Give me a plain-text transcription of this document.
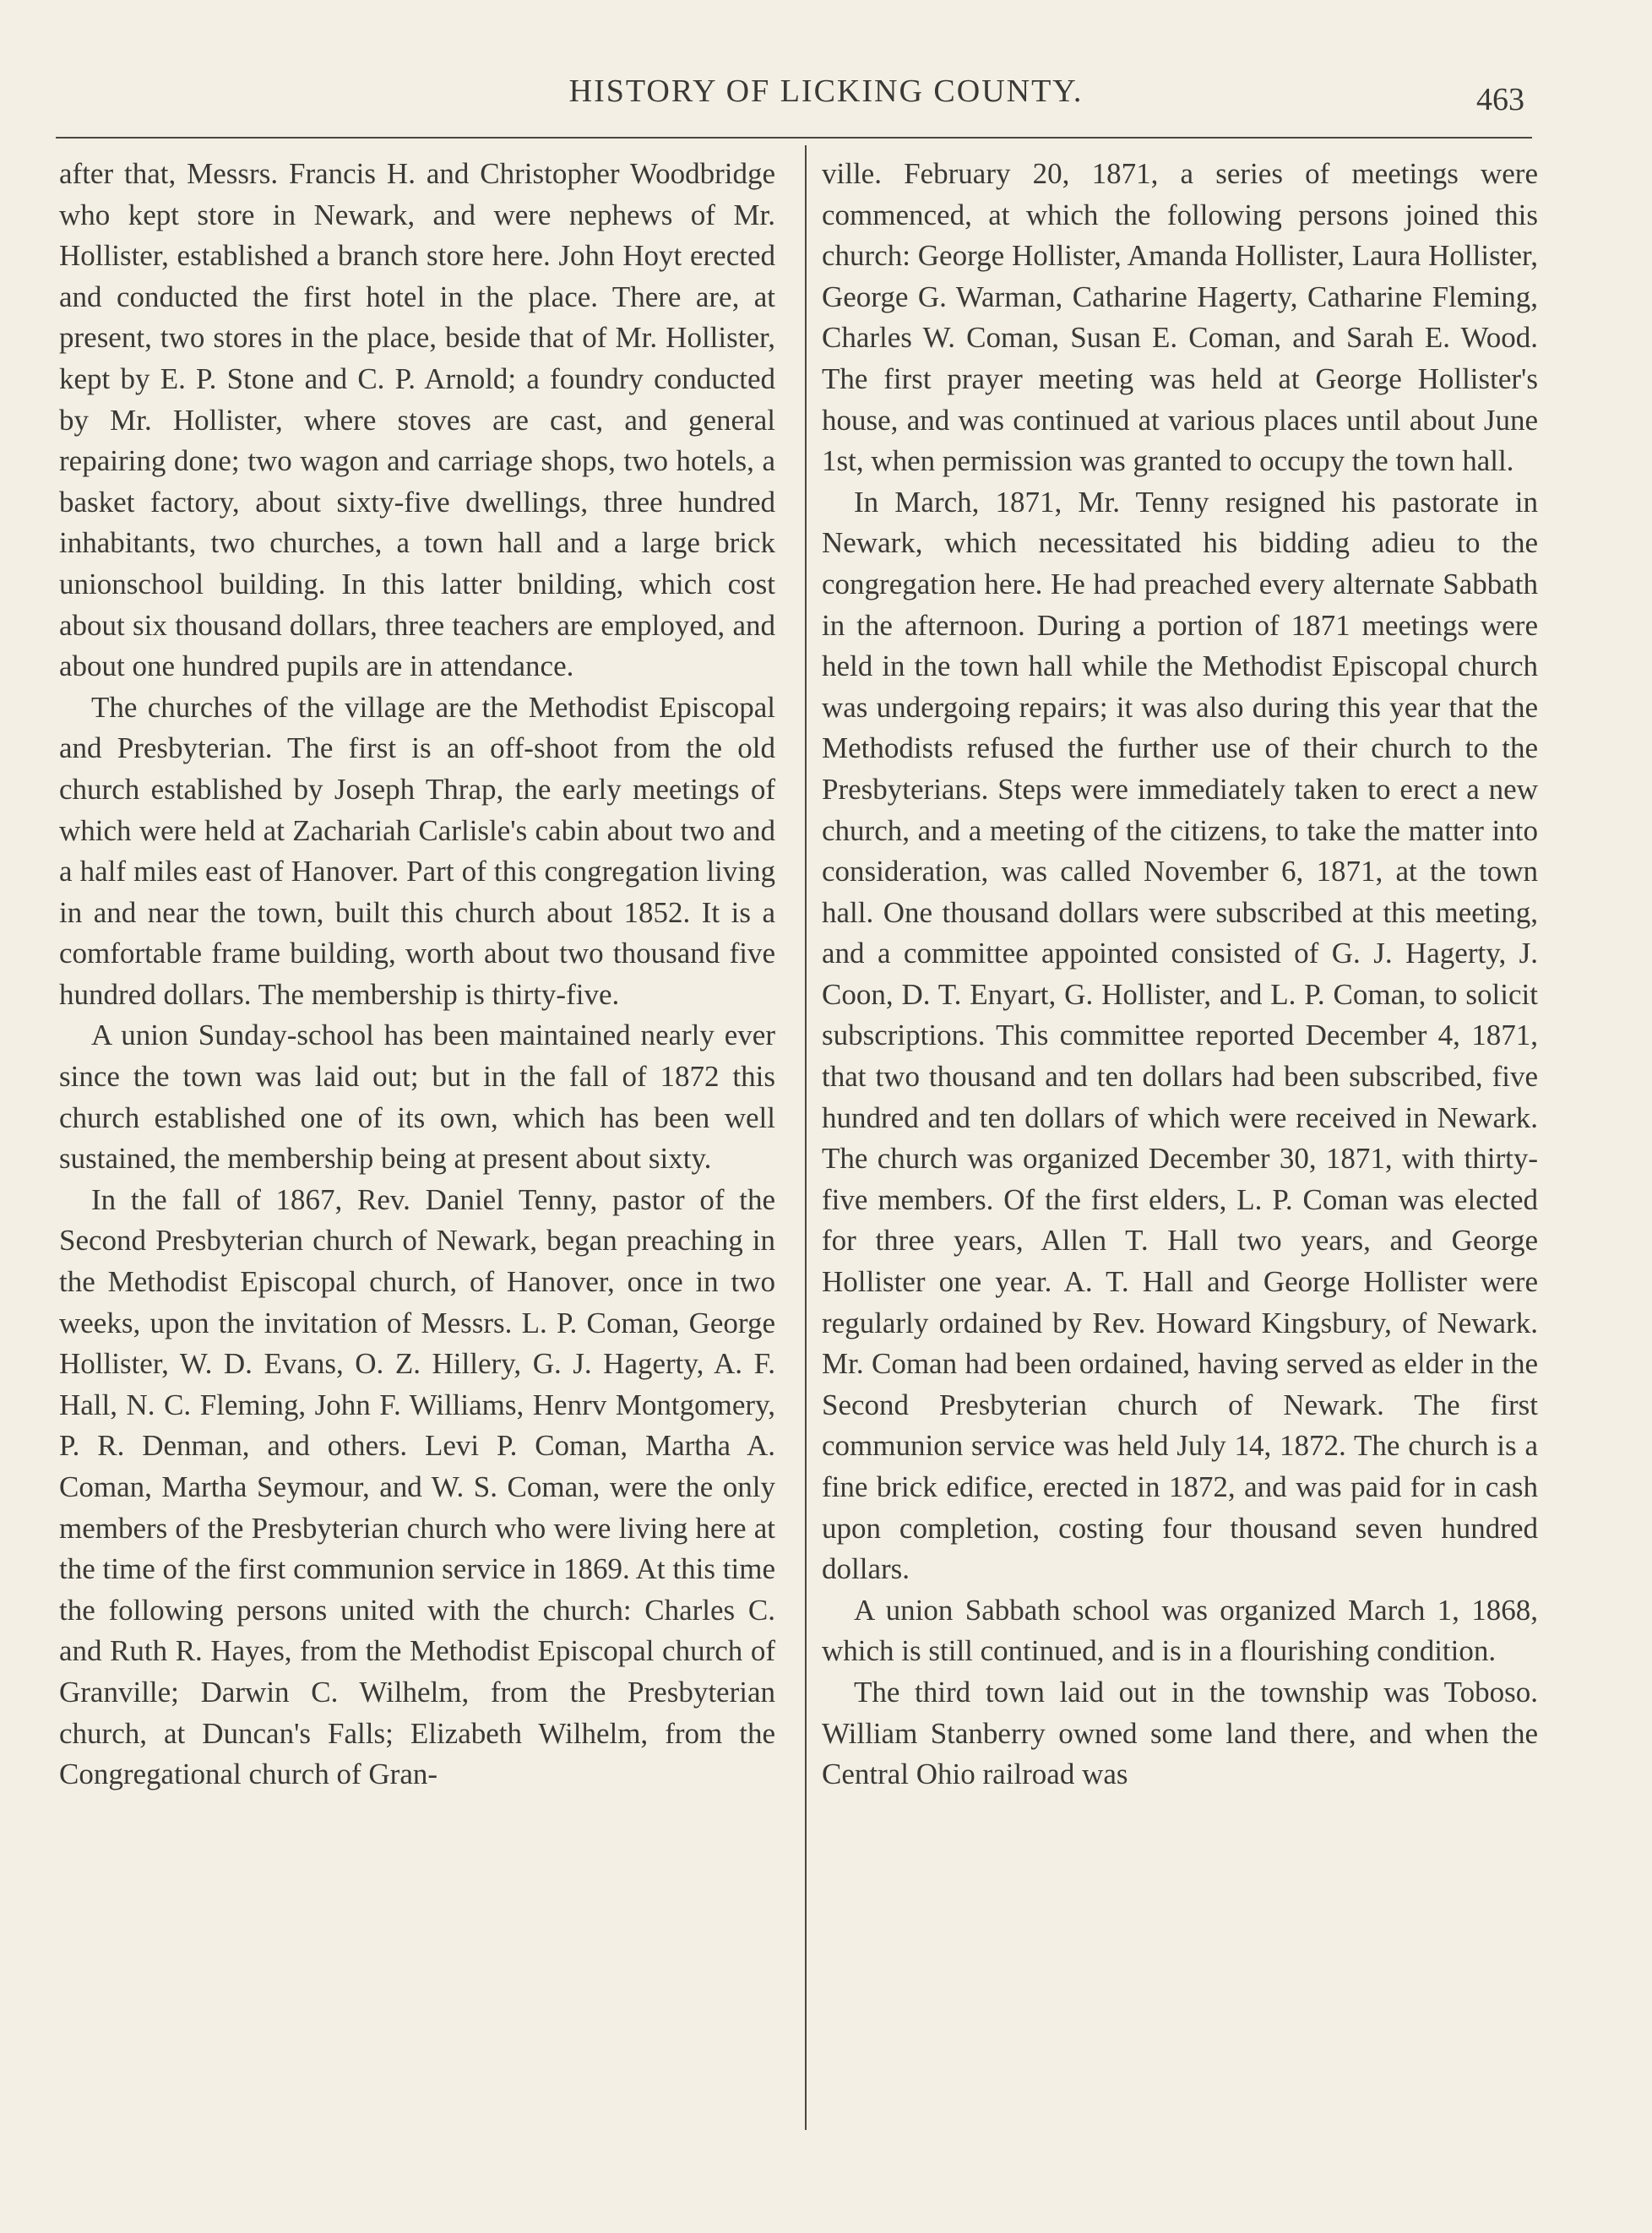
HISTORY OF LICKING COUNTY.	463

after that, Messrs. Francis H. and Christopher Woodbridge who kept store in Newark, and were nephews of Mr. Hollister, established a branch store here. John Hoyt erected and conducted the first hotel in the place. There are, at present, two stores in the place, beside that of Mr. Hollister, kept by E. P. Stone and C. P. Arnold; a foundry conducted by Mr. Hollister, where stoves are cast, and general repairing done; two wagon and carriage shops, two hotels, a basket factory, about sixty-five dwellings, three hundred inhabitants, two churches, a town hall and a large brick unionschool building. In this latter bnilding, which cost about six thousand dollars, three teachers are employed, and about one hundred pupils are in attendance.

The churches of the village are the Methodist Episcopal and Presbyterian. The first is an off-shoot from the old church established by Joseph Thrap, the early meetings of which were held at Zachariah Carlisle's cabin about two and a half miles east of Hanover. Part of this congregation living in and near the town, built this church about 1852. It is a comfortable frame building, worth about two thousand five hundred dollars. The membership is thirty-five.

A union Sunday-school has been maintained nearly ever since the town was laid out; but in the fall of 1872 this church established one of its own, which has been well sustained, the membership being at present about sixty.

In the fall of 1867, Rev. Daniel Tenny, pastor of the Second Presbyterian church of Newark, began preaching in the Methodist Episcopal church, of Hanover, once in two weeks, upon the invitation of Messrs. L. P. Coman, George Hollister, W. D. Evans, O. Z. Hillery, G. J. Hagerty, A. F. Hall, N. C. Fleming, John F. Williams, Henrv Montgomery, P. R. Denman, and others. Levi P. Coman, Martha A. Coman, Martha Seymour, and W. S. Coman, were the only members of the Presbyterian church who were living here at the time of the first communion service in 1869. At this time the following persons united with the church: Charles C. and Ruth R. Hayes, from the Methodist Episcopal church of Granville; Darwin C. Wilhelm, from the Presbyterian church, at Duncan's Falls; Elizabeth Wilhelm, from the Congregational church of Gran-

ville. February 20, 1871, a series of meetings were commenced, at which the following persons joined this church: George Hollister, Amanda Hollister, Laura Hollister, George G. Warman, Catharine Hagerty, Catharine Fleming, Charles W. Coman, Susan E. Coman, and Sarah E. Wood. The first prayer meeting was held at George Hollister's house, and was continued at various places until about June 1st, when permission was granted to occupy the town hall.

In March, 1871, Mr. Tenny resigned his pastorate in Newark, which necessitated his bidding adieu to the congregation here. He had preached every alternate Sabbath in the afternoon. During a portion of 1871 meetings were held in the town hall while the Methodist Episcopal church was undergoing repairs; it was also during this year that the Methodists refused the further use of their church to the Presbyterians. Steps were immediately taken to erect a new church, and a meeting of the citizens, to take the matter into consideration, was called November 6, 1871, at the town hall. One thousand dollars were subscribed at this meeting, and a committee appointed consisted of G. J. Hagerty, J. Coon, D. T. Enyart, G. Hollister, and L. P. Coman, to solicit subscriptions. This committee reported December 4, 1871, that two thousand and ten dollars had been subscribed, five hundred and ten dollars of which were received in Newark. The church was organized December 30, 1871, with thirty-five members. Of the first elders, L. P. Coman was elected for three years, Allen T. Hall two years, and George Hollister one year. A. T. Hall and George Hollister were regularly ordained by Rev. Howard Kingsbury, of Newark. Mr. Coman had been ordained, having served as elder in the Second Presbyterian church of Newark. The first communion service was held July 14, 1872. The church is a fine brick edifice, erected in 1872, and was paid for in cash upon completion, costing four thousand seven hundred dollars.

A union Sabbath school was organized March 1, 1868, which is still continued, and is in a flourishing condition.

The third town laid out in the township was Toboso. William Stanberry owned some land there, and when the Central Ohio railroad was
